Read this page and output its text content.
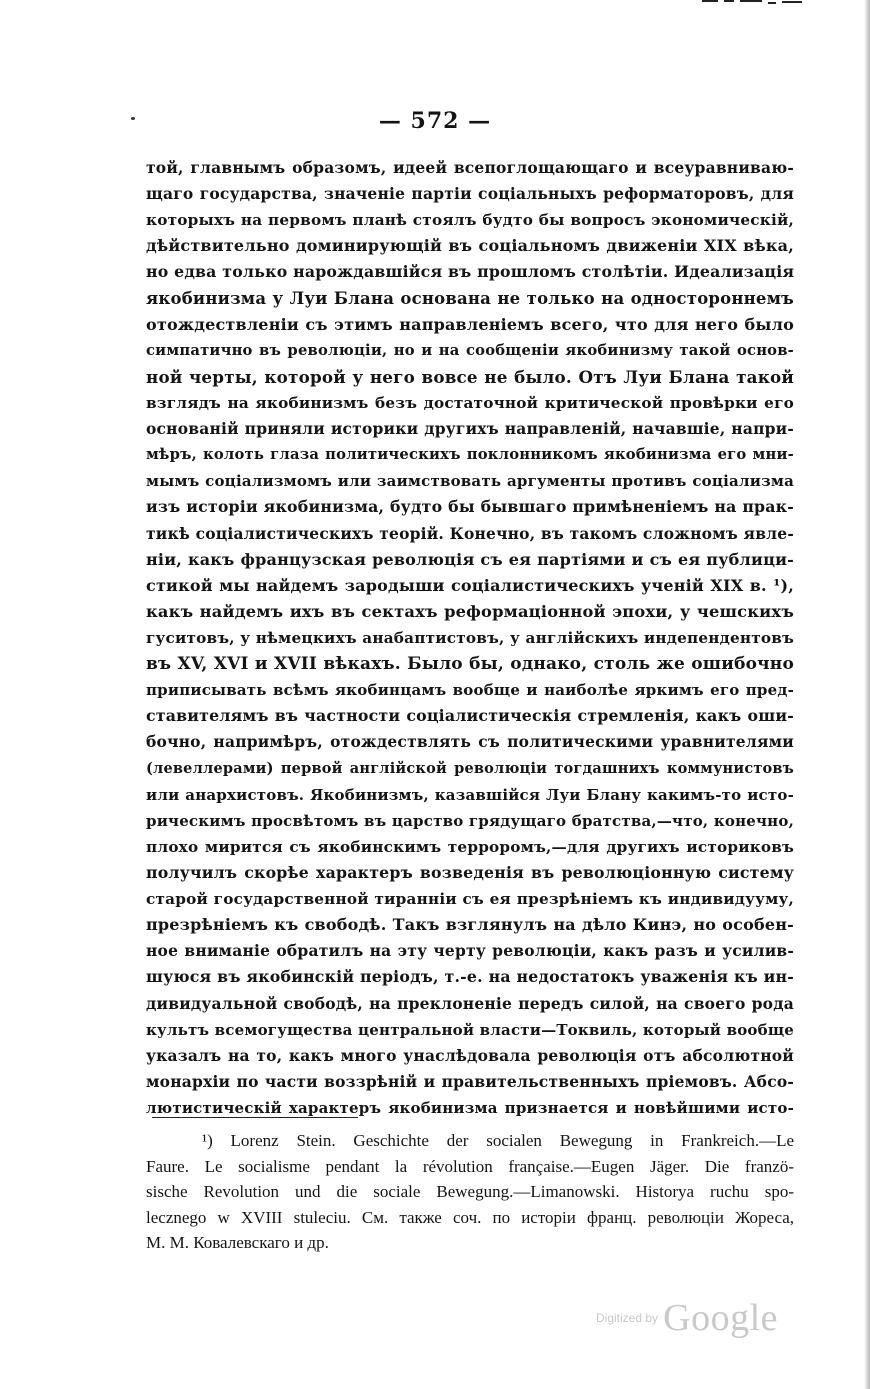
— 572 —
той, главнымъ образомъ, идеей всепоглощающаго и всеуравниваю-
щаго государства, значеніе партіи соціальныхъ реформаторовъ, для
которыхъ на первомъ планѣ стоялъ будто бы вопросъ экономическій,
дѣйствительно доминирующій въ соціальномъ движеніи XIX вѣка,
но едва только нарождавшійся въ прошломъ столѣтіи. Идеализація
якобинизма у Луи Блана основана не только на одностороннемъ
отождествленіи съ этимъ направленіемъ всего, что для него было
симпатично въ революціи, но и на сообщеніи якобинизму такой основ-
ной черты, которой у него вовсе не было. Отъ Луи Блана такой
взглядъ на якобинизмъ безъ достаточной критической провѣрки его
основаній приняли историки другихъ направленій, начавшіе, напри-
мѣръ, колоть глаза политическихъ поклонникомъ якобинизма его мни-
мымъ соціализмомъ или заимствовать аргументы противъ соціализма
изъ исторіи якобинизма, будто бы бывшаго примѣненіемъ на прак-
тикѣ соціалистическихъ теорій. Конечно, въ такомъ сложномъ явле-
ніи, какъ французская революція съ ея партіями и съ ея публици-
стикой мы найдемъ зародыши соціалистическихъ ученій XIX в. ¹),
какъ найдемъ ихъ въ сектахъ реформаціонной эпохи, у чешскихъ
гуситовъ, у нѣмецкихъ анабаптистовъ, у англійскихъ индепендентовъ
въ XV, XVI и XVII вѣкахъ. Было бы, однако, столь же ошибочно
приписывать всѣмъ якобинцамъ вообще и наиболѣе яркимъ его пред-
ставителямъ въ частности соціалистическія стремленія, какъ оши-
бочно, напримѣръ, отождествлять съ политическими уравнителями
(левеллерами) первой англійской революціи тогдашнихъ коммунистовъ
или анархистовъ. Якобинизмъ, казавшійся Луи Блану какимъ-то исто-
рическимъ просвѣтомъ въ царство грядущаго братства,—что, конечно,
плохо мирится съ якобинскимъ терроромъ,—для другихъ историковъ
получилъ скорѣе характеръ возведенія въ революціонную систему
старой государственной тиранніи съ ея презрѣніемъ къ индивидууму,
презрѣніемъ къ свободѣ. Такъ взглянулъ на дѣло Кинэ, но особен-
ное вниманіе обратилъ на эту черту революціи, какъ разъ и усилив-
шуюся въ якобинскій періодъ, т.-е. на недостатокъ уваженія къ ин-
дивидуальной свободѣ, на преклоненіе передъ силой, на своего рода
культъ всемогущества центральной власти—Токвиль, который вообще
указалъ на то, какъ много унаслѣдовала революція отъ абсолютной
монархіи по части воззрѣній и правительственныхъ пріемовъ. Абсо-
лютистическій характеръ якобинизма признается и новѣйшими исто-
¹) Lorenz Stein. Geschichte der socialen Bewegung in Frankreich.—Le
Faure. Le socialisme pendant la révolution française.—Eugen Jäger. Die franzö-
sische Revolution und die sociale Bewegung.—Limanowski. Historya ruchu spo-
lecznego w XVIII stuleciu. См. также соч. по исторіи франц. революціи Жореса,
М. М. Ковалевскаго и др.
Digitized by Google
